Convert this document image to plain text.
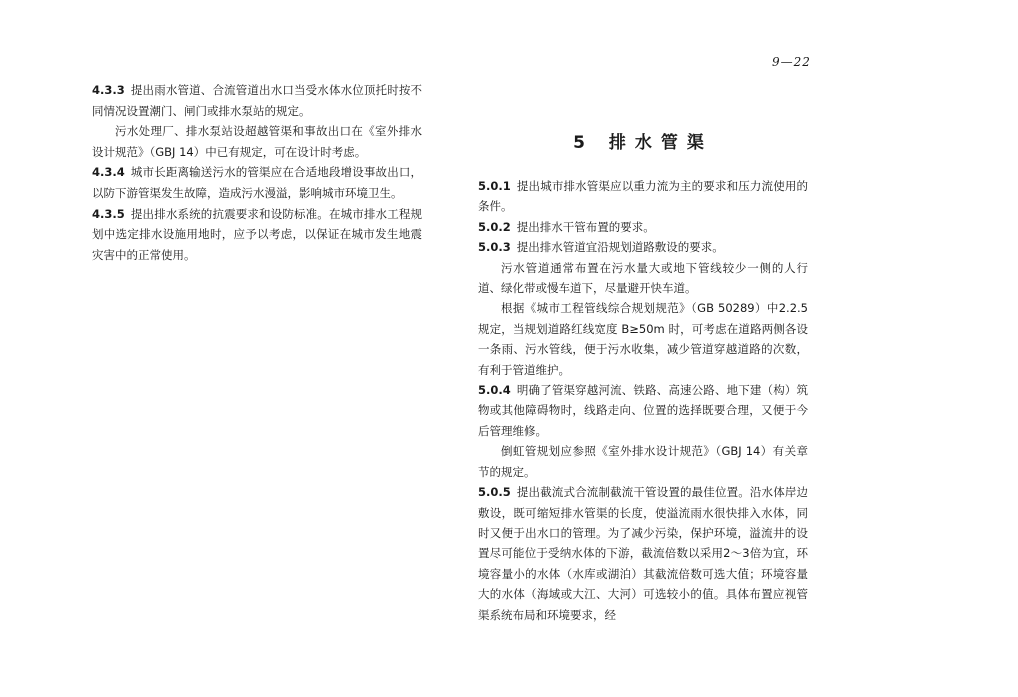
9—22

4.3.3 提出雨水管道、合流管道出水口当受水体水位顶托时按不同情况设置潮门、闸门或排水泵站的规定。

污水处理厂、排水泵站设超越管渠和事故出口在《室外排水设计规范》（GBJ 14）中已有规定，可在设计时考虑。

4.3.4 城市长距离输送污水的管渠应在合适地段增设事故出口，以防下游管渠发生故障，造成污水漫溢，影响城市环境卫生。

4.3.5 提出排水系统的抗震要求和设防标准。在城市排水工程规划中选定排水设施用地时，应予以考虑，以保证在城市发生地震灾害中的正常使用。

5 排水管渠

5.0.1 提出城市排水管渠应以重力流为主的要求和压力流使用的条件。

5.0.2 提出排水干管布置的要求。

5.0.3 提出排水管道宜沿规划道路敷设的要求。

污水管道通常布置在污水量大或地下管线较少一侧的人行道、绿化带或慢车道下，尽量避开快车道。

根据《城市工程管线综合规划规范》（GB 50289）中2.2.5规定，当规划道路红线宽度 B≥50m 时，可考虑在道路两侧各设一条雨、污水管线，便于污水收集，减少管道穿越道路的次数，有利于管道维护。

5.0.4 明确了管渠穿越河流、铁路、高速公路、地下建（构）筑物或其他障碍物时，线路走向、位置的选择既要合理，又便于今后管理维修。

倒虹管规划应参照《室外排水设计规范》（GBJ 14）有关章节的规定。

5.0.5 提出截流式合流制截流干管设置的最佳位置。沿水体岸边敷设，既可缩短排水管渠的长度，使溢流雨水很快排入水体，同时又便于出水口的管理。为了减少污染，保护环境，溢流井的设置尽可能位于受纳水体的下游，截流倍数以采用2～3倍为宜，环境容量小的水体（水库或湖泊）其截流倍数可选大值；环境容量大的水体（海域或大江、大河）可选较小的值。具体布置应视管渠系统布局和环境要求，经
